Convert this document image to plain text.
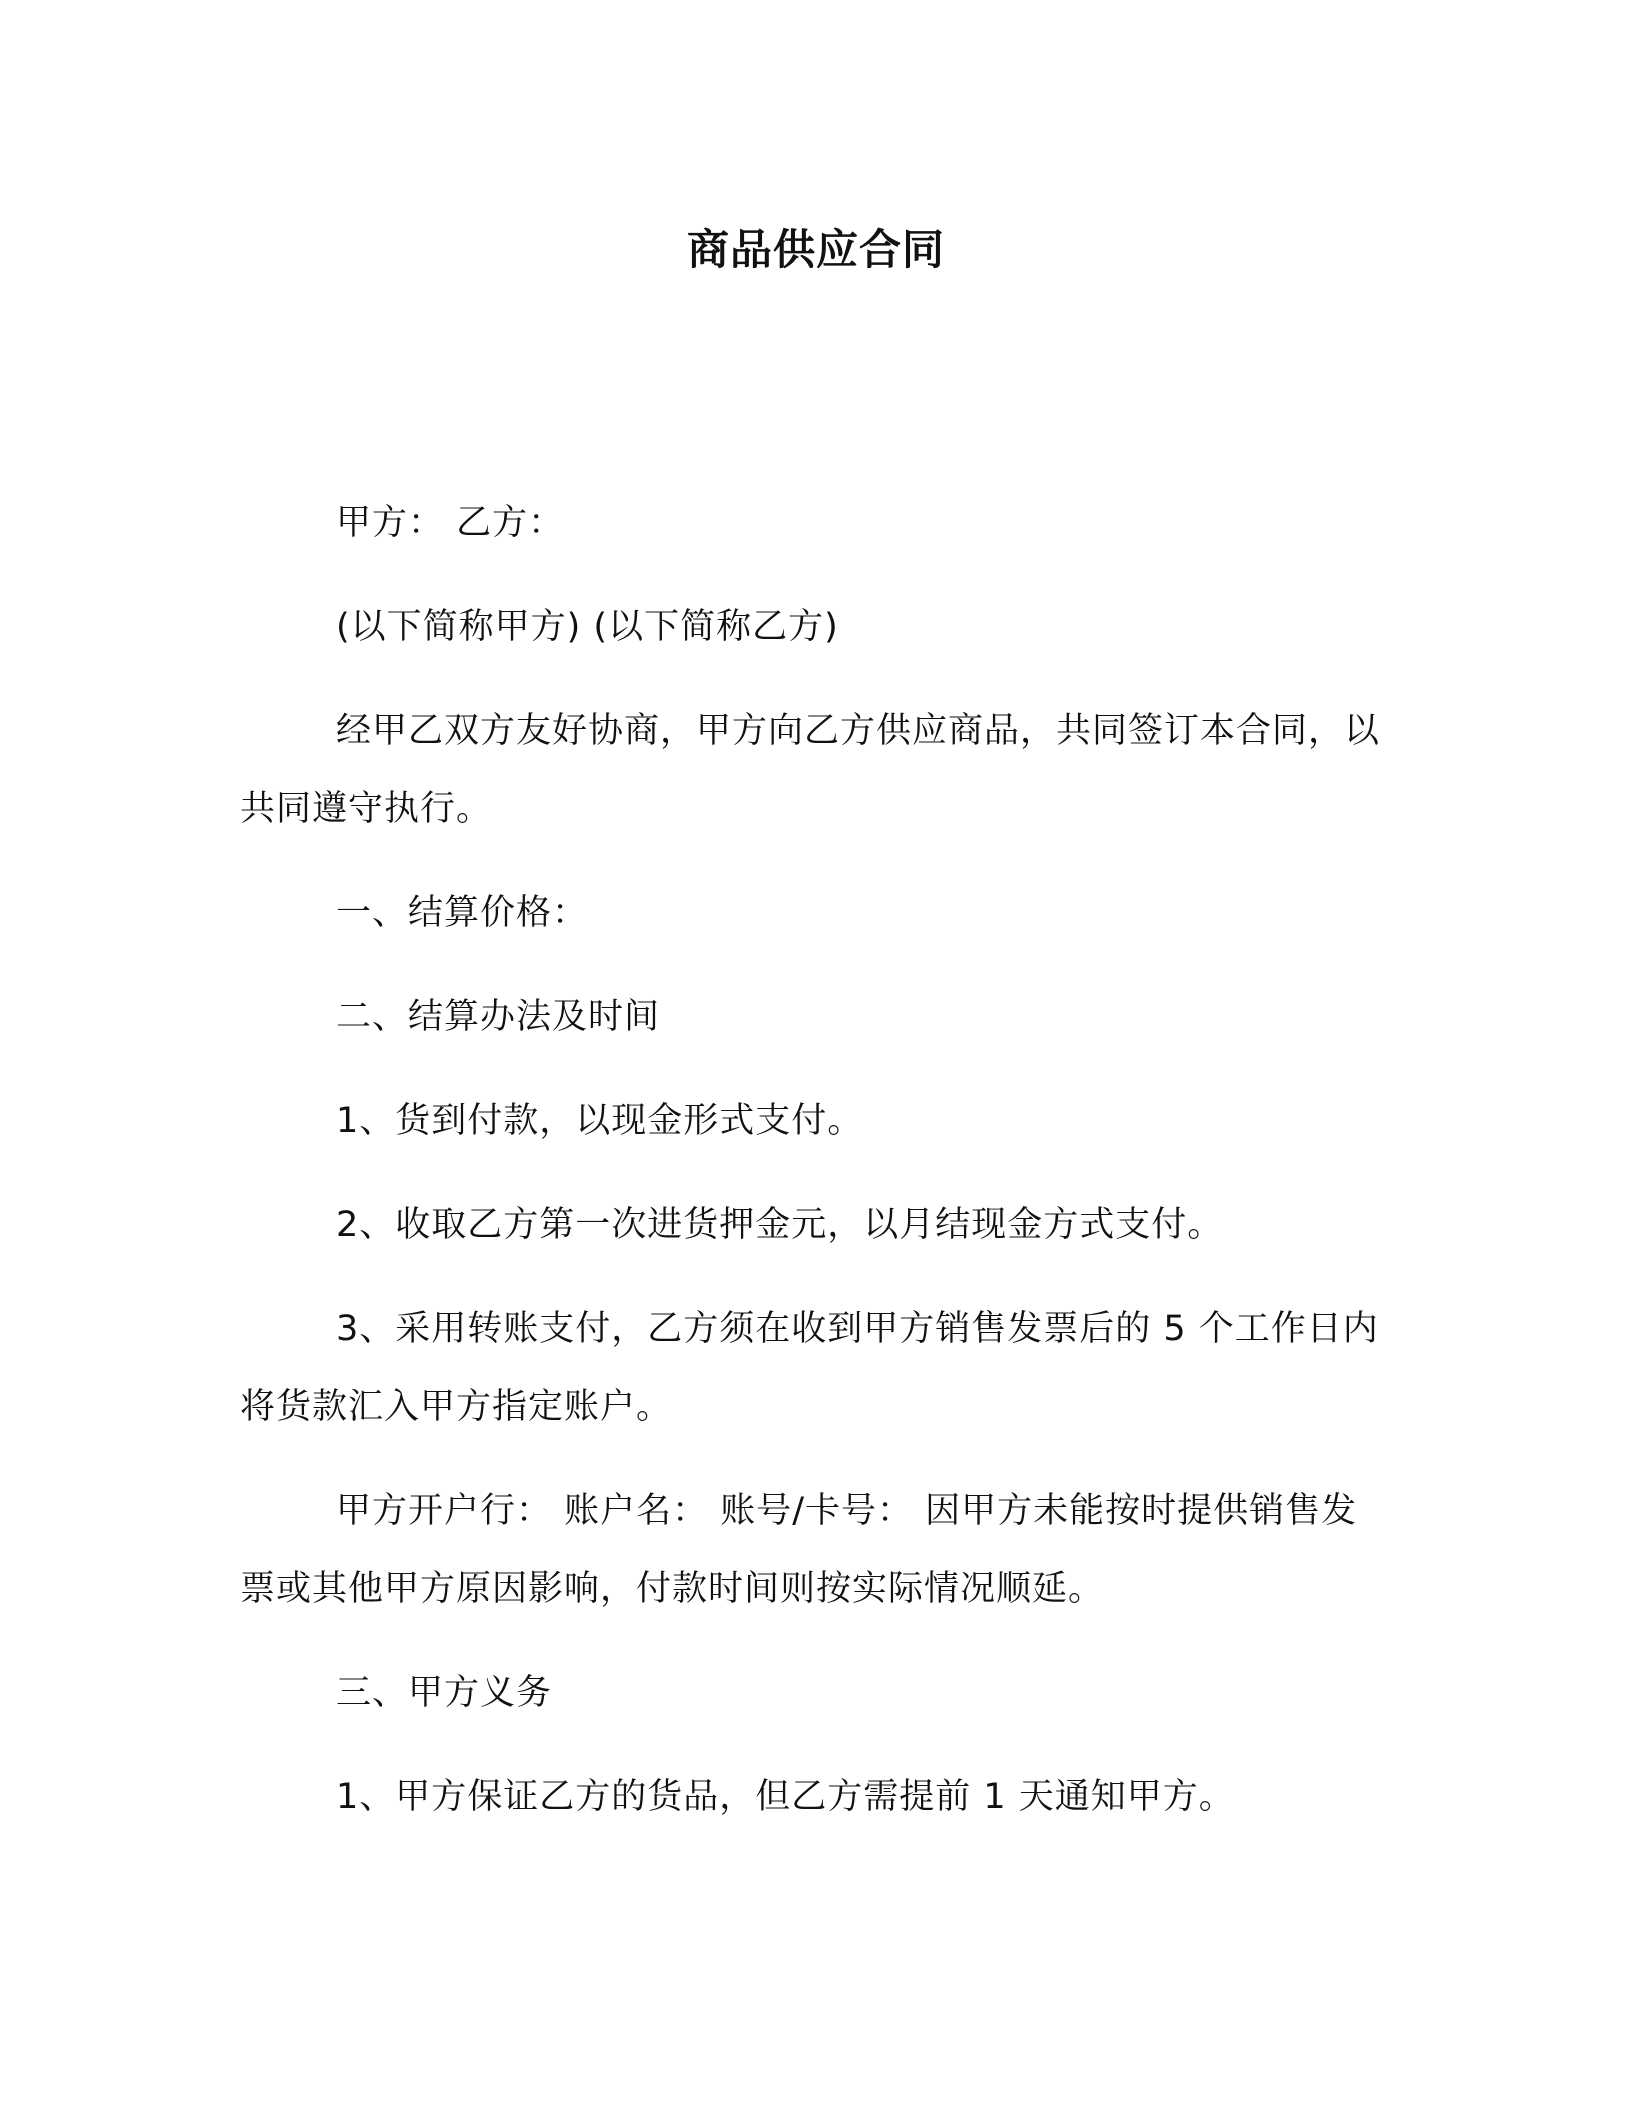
商品供应合同

甲方： 乙方：

(以下简称甲方) (以下简称乙方)

经甲乙双方友好协商，甲方向乙方供应商品，共同签订本合同，以共同遵守执行。

一、结算价格：

二、结算办法及时间

1、货到付款，以现金形式支付。

2、收取乙方第一次进货押金元，以月结现金方式支付。

3、采用转账支付，乙方须在收到甲方销售发票后的 5 个工作日内将货款汇入甲方指定账户。

甲方开户行： 账户名： 账号/卡号： 因甲方未能按时提供销售发票或其他甲方原因影响，付款时间则按实际情况顺延。

三、甲方义务

1、甲方保证乙方的货品，但乙方需提前 1 天通知甲方。
